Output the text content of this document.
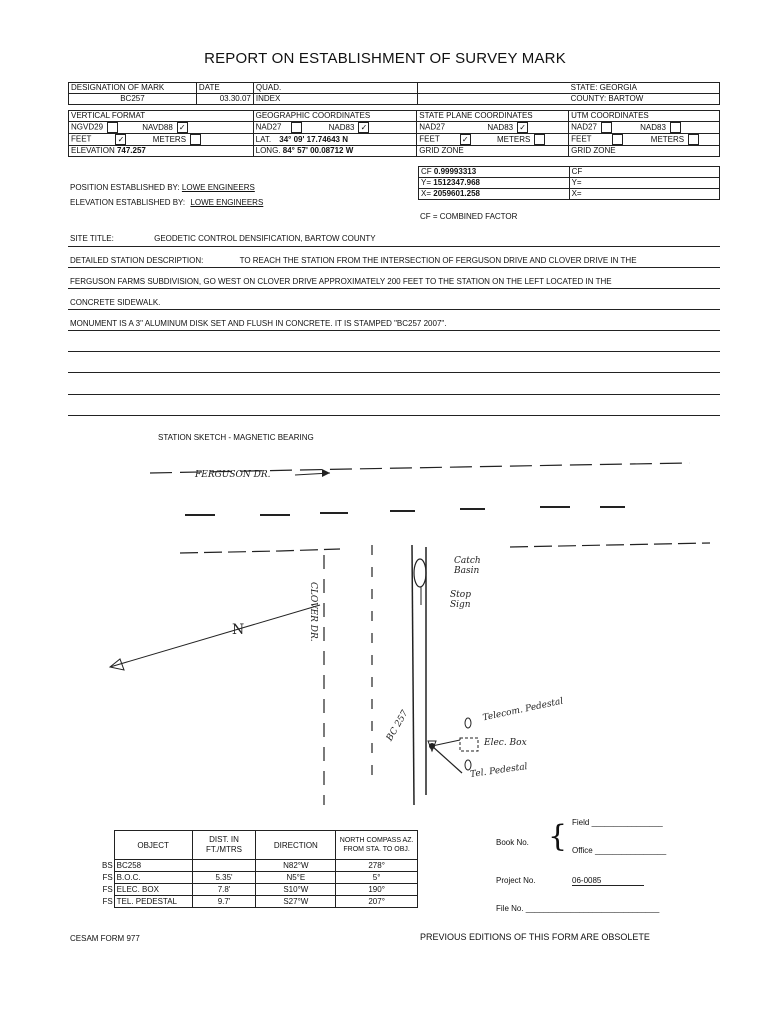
REPORT ON ESTABLISHMENT OF SURVEY MARK
DESIGNATION OF MARK	DATE	QUAD.		STATE: GEORGIA
BC257	03.30.07	INDEX		COUNTY: BARTOW
VERTICAL FORMAT	GEOGRAPHIC COORDINATES	STATE PLANE COORDINATES	UTM COORDINATES
NGVD29 NAVD88 ✓	NAD27 NAD83 ✓	NAD27 NAD83 ✓	NAD27 NAD83
FEET ✓ METERS	LAT. 34° 09' 17.74643 N	FEET ✓ METERS	FEET METERS
ELEVATION 747.257	LONG. 84° 57' 00.08712 W	GRID ZONE	GRID ZONE
CF 0.99993313	CF
Y= 1512347.968	Y=
X= 2059601.258	X=
CF = COMBINED FACTOR
POSITION ESTABLISHED BY: LOWE ENGINEERS
ELEVATION ESTABLISHED BY: LOWE ENGINEERS
SITE TITLE:	GEODETIC CONTROL DENSIFICATION, BARTOW COUNTY
DETAILED STATION DESCRIPTION:	TO REACH THE STATION FROM THE INTERSECTION OF FERGUSON DRIVE AND CLOVER DRIVE IN THE
FERGUSON FARMS SUBDIVISION, GO WEST ON CLOVER DRIVE APPROXIMATELY 200 FEET TO THE STATION ON THE LEFT LOCATED IN THE
CONCRETE SIDEWALK.
MONUMENT IS A 3" ALUMINUM DISK SET AND FLUSH IN CONCRETE. IT IS STAMPED "BC257 2007".
STATION SKETCH - MAGNETIC BEARING
FERGUSON DR.
CLOVER DR.
N
Catch Basin
Stop Sign
Telecom. Pedestal
Elec. Box
Tel. Pedestal
BC 257
	OBJECT	DIST. IN FT./MTRS	DIRECTION	NORTH COMPASS AZ. FROM STA. TO OBJ.
BS	BC258		N82°W	278°
FS	B.O.C.	5.35'	N5°E	5°
FS	ELEC. BOX	7.8'	S10°W	190°
FS	TEL. PEDESTAL	9.7'	S27°W	207°
Field ________________
Book No. { Office ________________
Project No.	06-0085
File No. ______________________________
CESAM FORM 977	PREVIOUS EDITIONS OF THIS FORM ARE OBSOLETE
